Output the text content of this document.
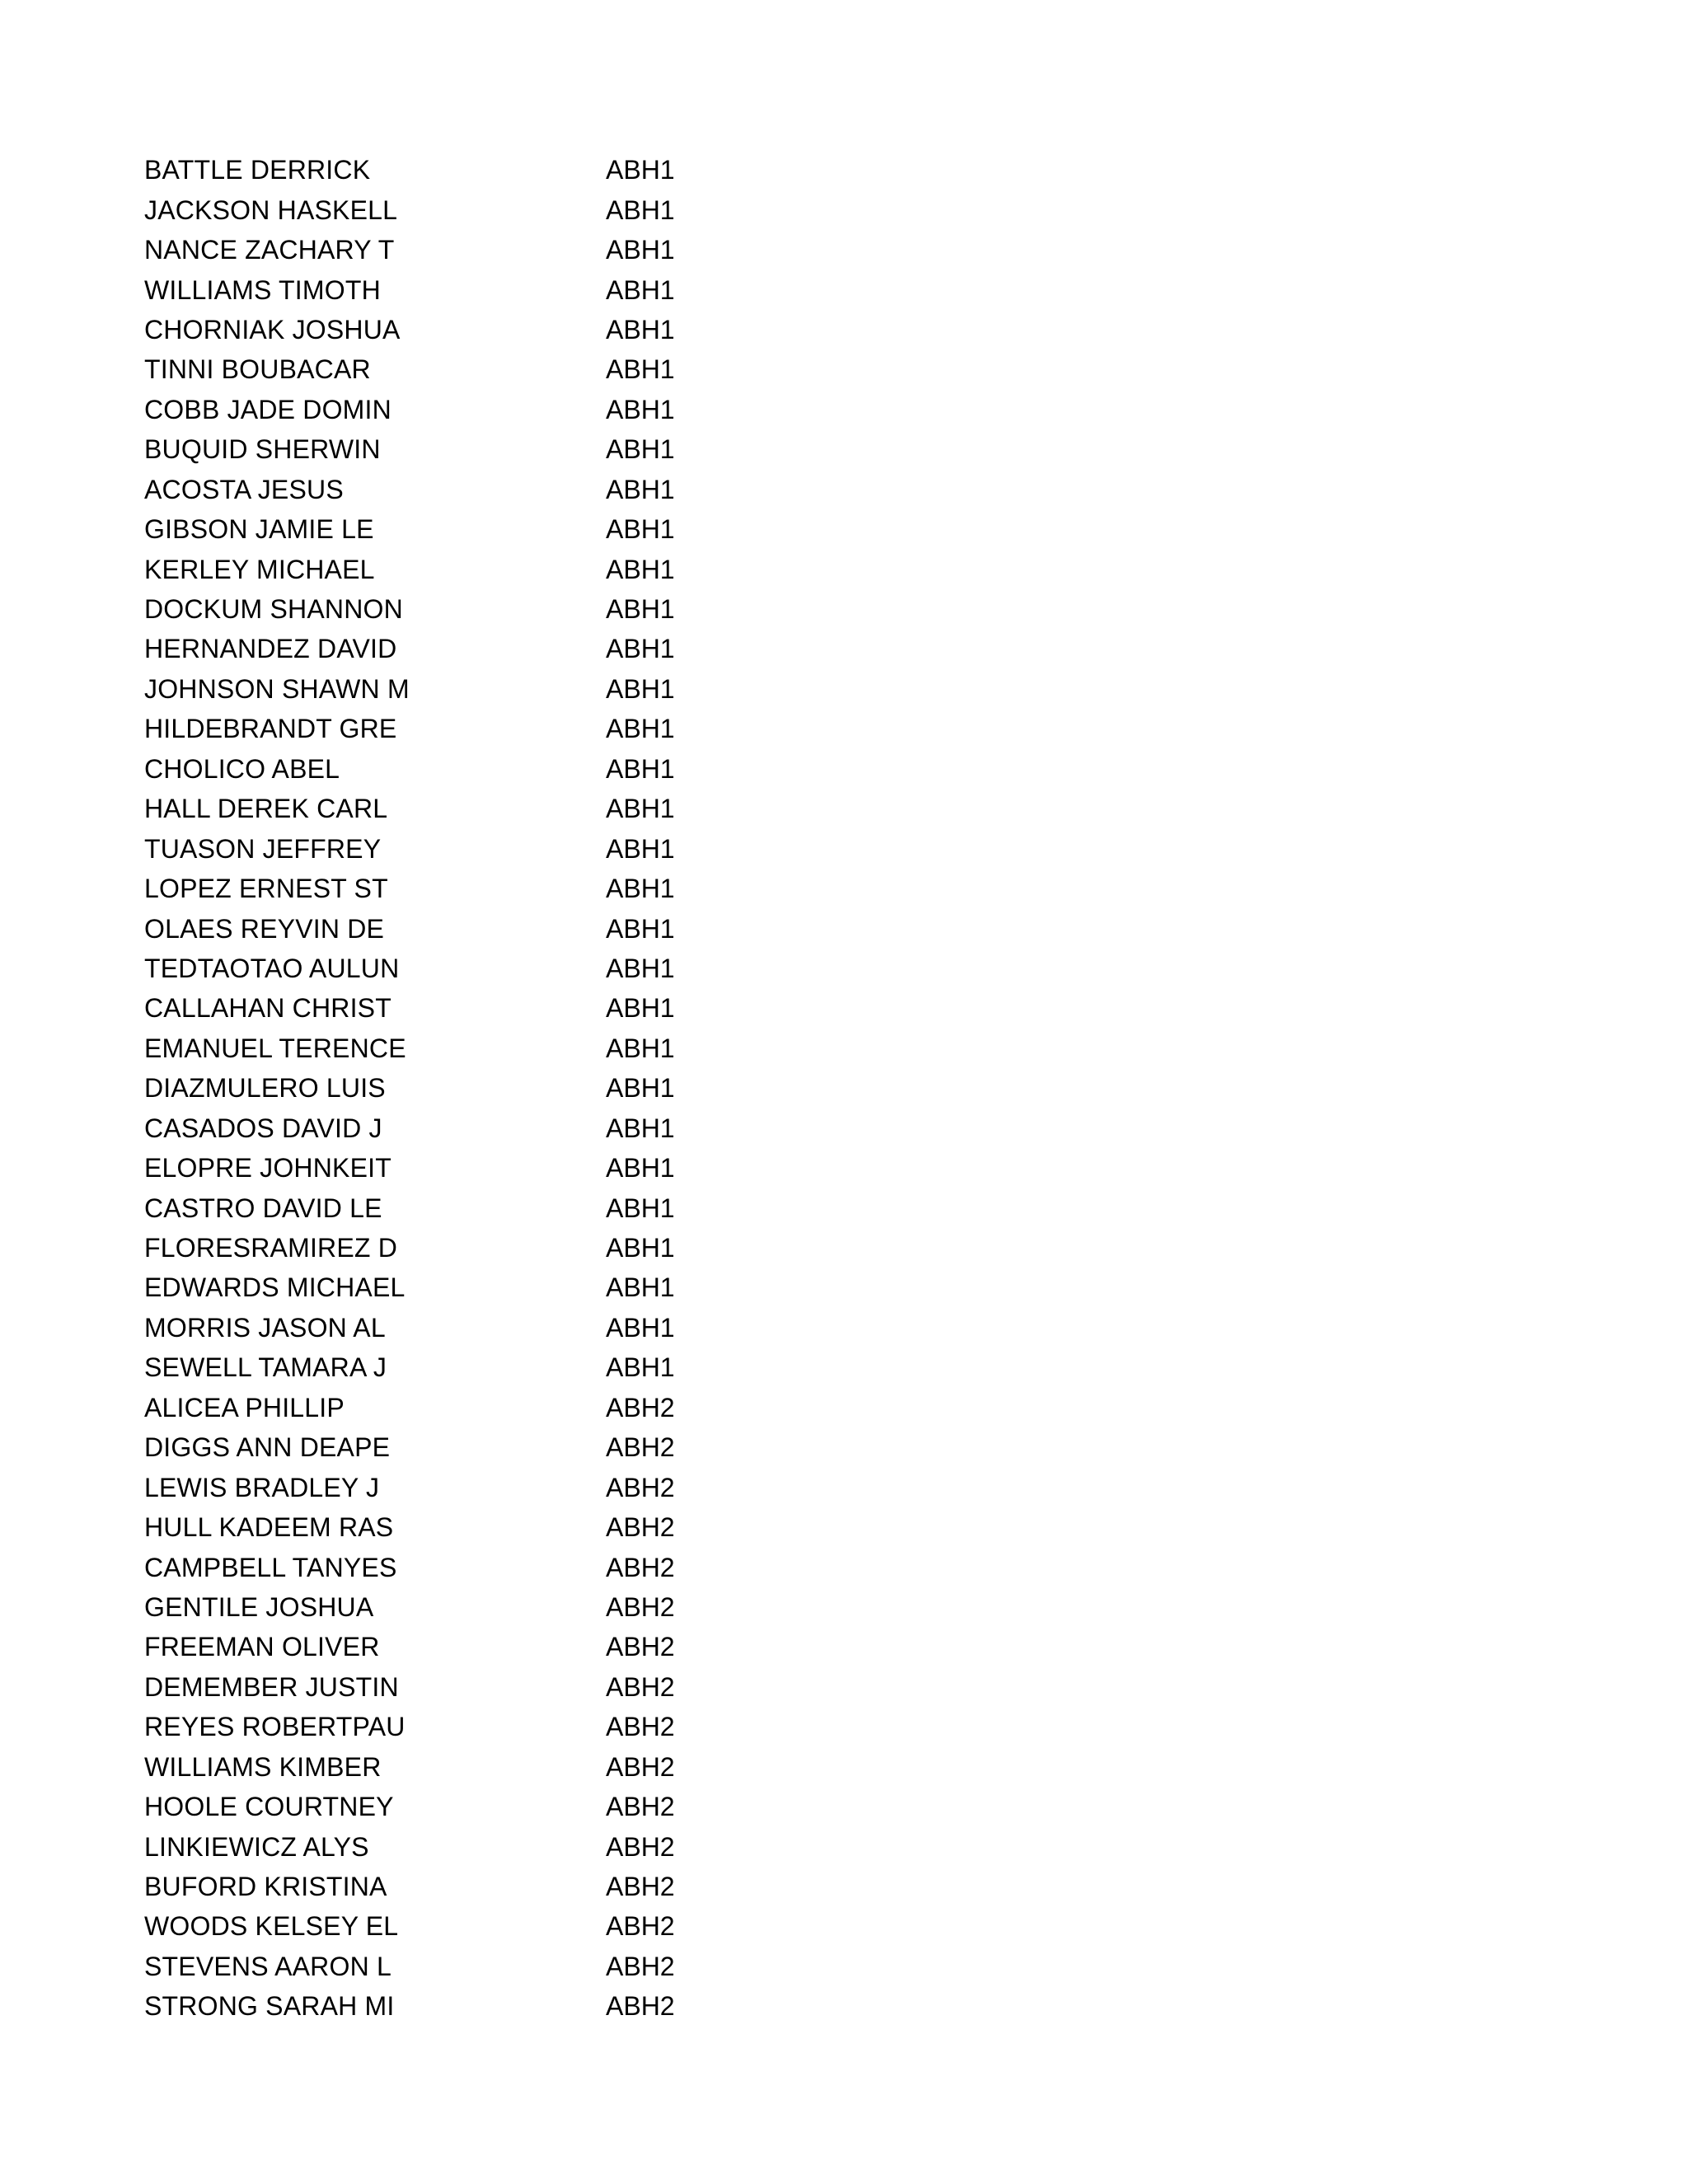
BATTLE DERRICK	ABH1
JACKSON HASKELL	ABH1
NANCE ZACHARY T	ABH1
WILLIAMS TIMOTH	ABH1
CHORNIAK JOSHUA	ABH1
TINNI BOUBACAR	ABH1
COBB JADE DOMIN	ABH1
BUQUID SHERWIN	ABH1
ACOSTA JESUS	ABH1
GIBSON JAMIE LE	ABH1
KERLEY MICHAEL	ABH1
DOCKUM SHANNON	ABH1
HERNANDEZ DAVID	ABH1
JOHNSON SHAWN M	ABH1
HILDEBRANDT GRE	ABH1
CHOLICO ABEL	ABH1
HALL DEREK CARL	ABH1
TUASON JEFFREY	ABH1
LOPEZ ERNEST ST	ABH1
OLAES REYVIN DE	ABH1
TEDTAOTAO AULUN	ABH1
CALLAHAN CHRIST	ABH1
EMANUEL TERENCE	ABH1
DIAZMULERO LUIS	ABH1
CASADOS DAVID J	ABH1
ELOPRE JOHNKEIT	ABH1
CASTRO DAVID LE	ABH1
FLORESRAMIREZ D	ABH1
EDWARDS MICHAEL	ABH1
MORRIS JASON AL	ABH1
SEWELL TAMARA J	ABH1
ALICEA PHILLIP	ABH2
DIGGS ANN DEAPE	ABH2
LEWIS BRADLEY J	ABH2
HULL KADEEM RAS	ABH2
CAMPBELL TANYES	ABH2
GENTILE JOSHUA	ABH2
FREEMAN OLIVER	ABH2
DEMEMBER JUSTIN	ABH2
REYES ROBERTPAU	ABH2
WILLIAMS KIMBER	ABH2
HOOLE COURTNEY	ABH2
LINKIEWICZ ALYS	ABH2
BUFORD KRISTINA	ABH2
WOODS KELSEY EL	ABH2
STEVENS AARON L	ABH2
STRONG SARAH MI	ABH2
